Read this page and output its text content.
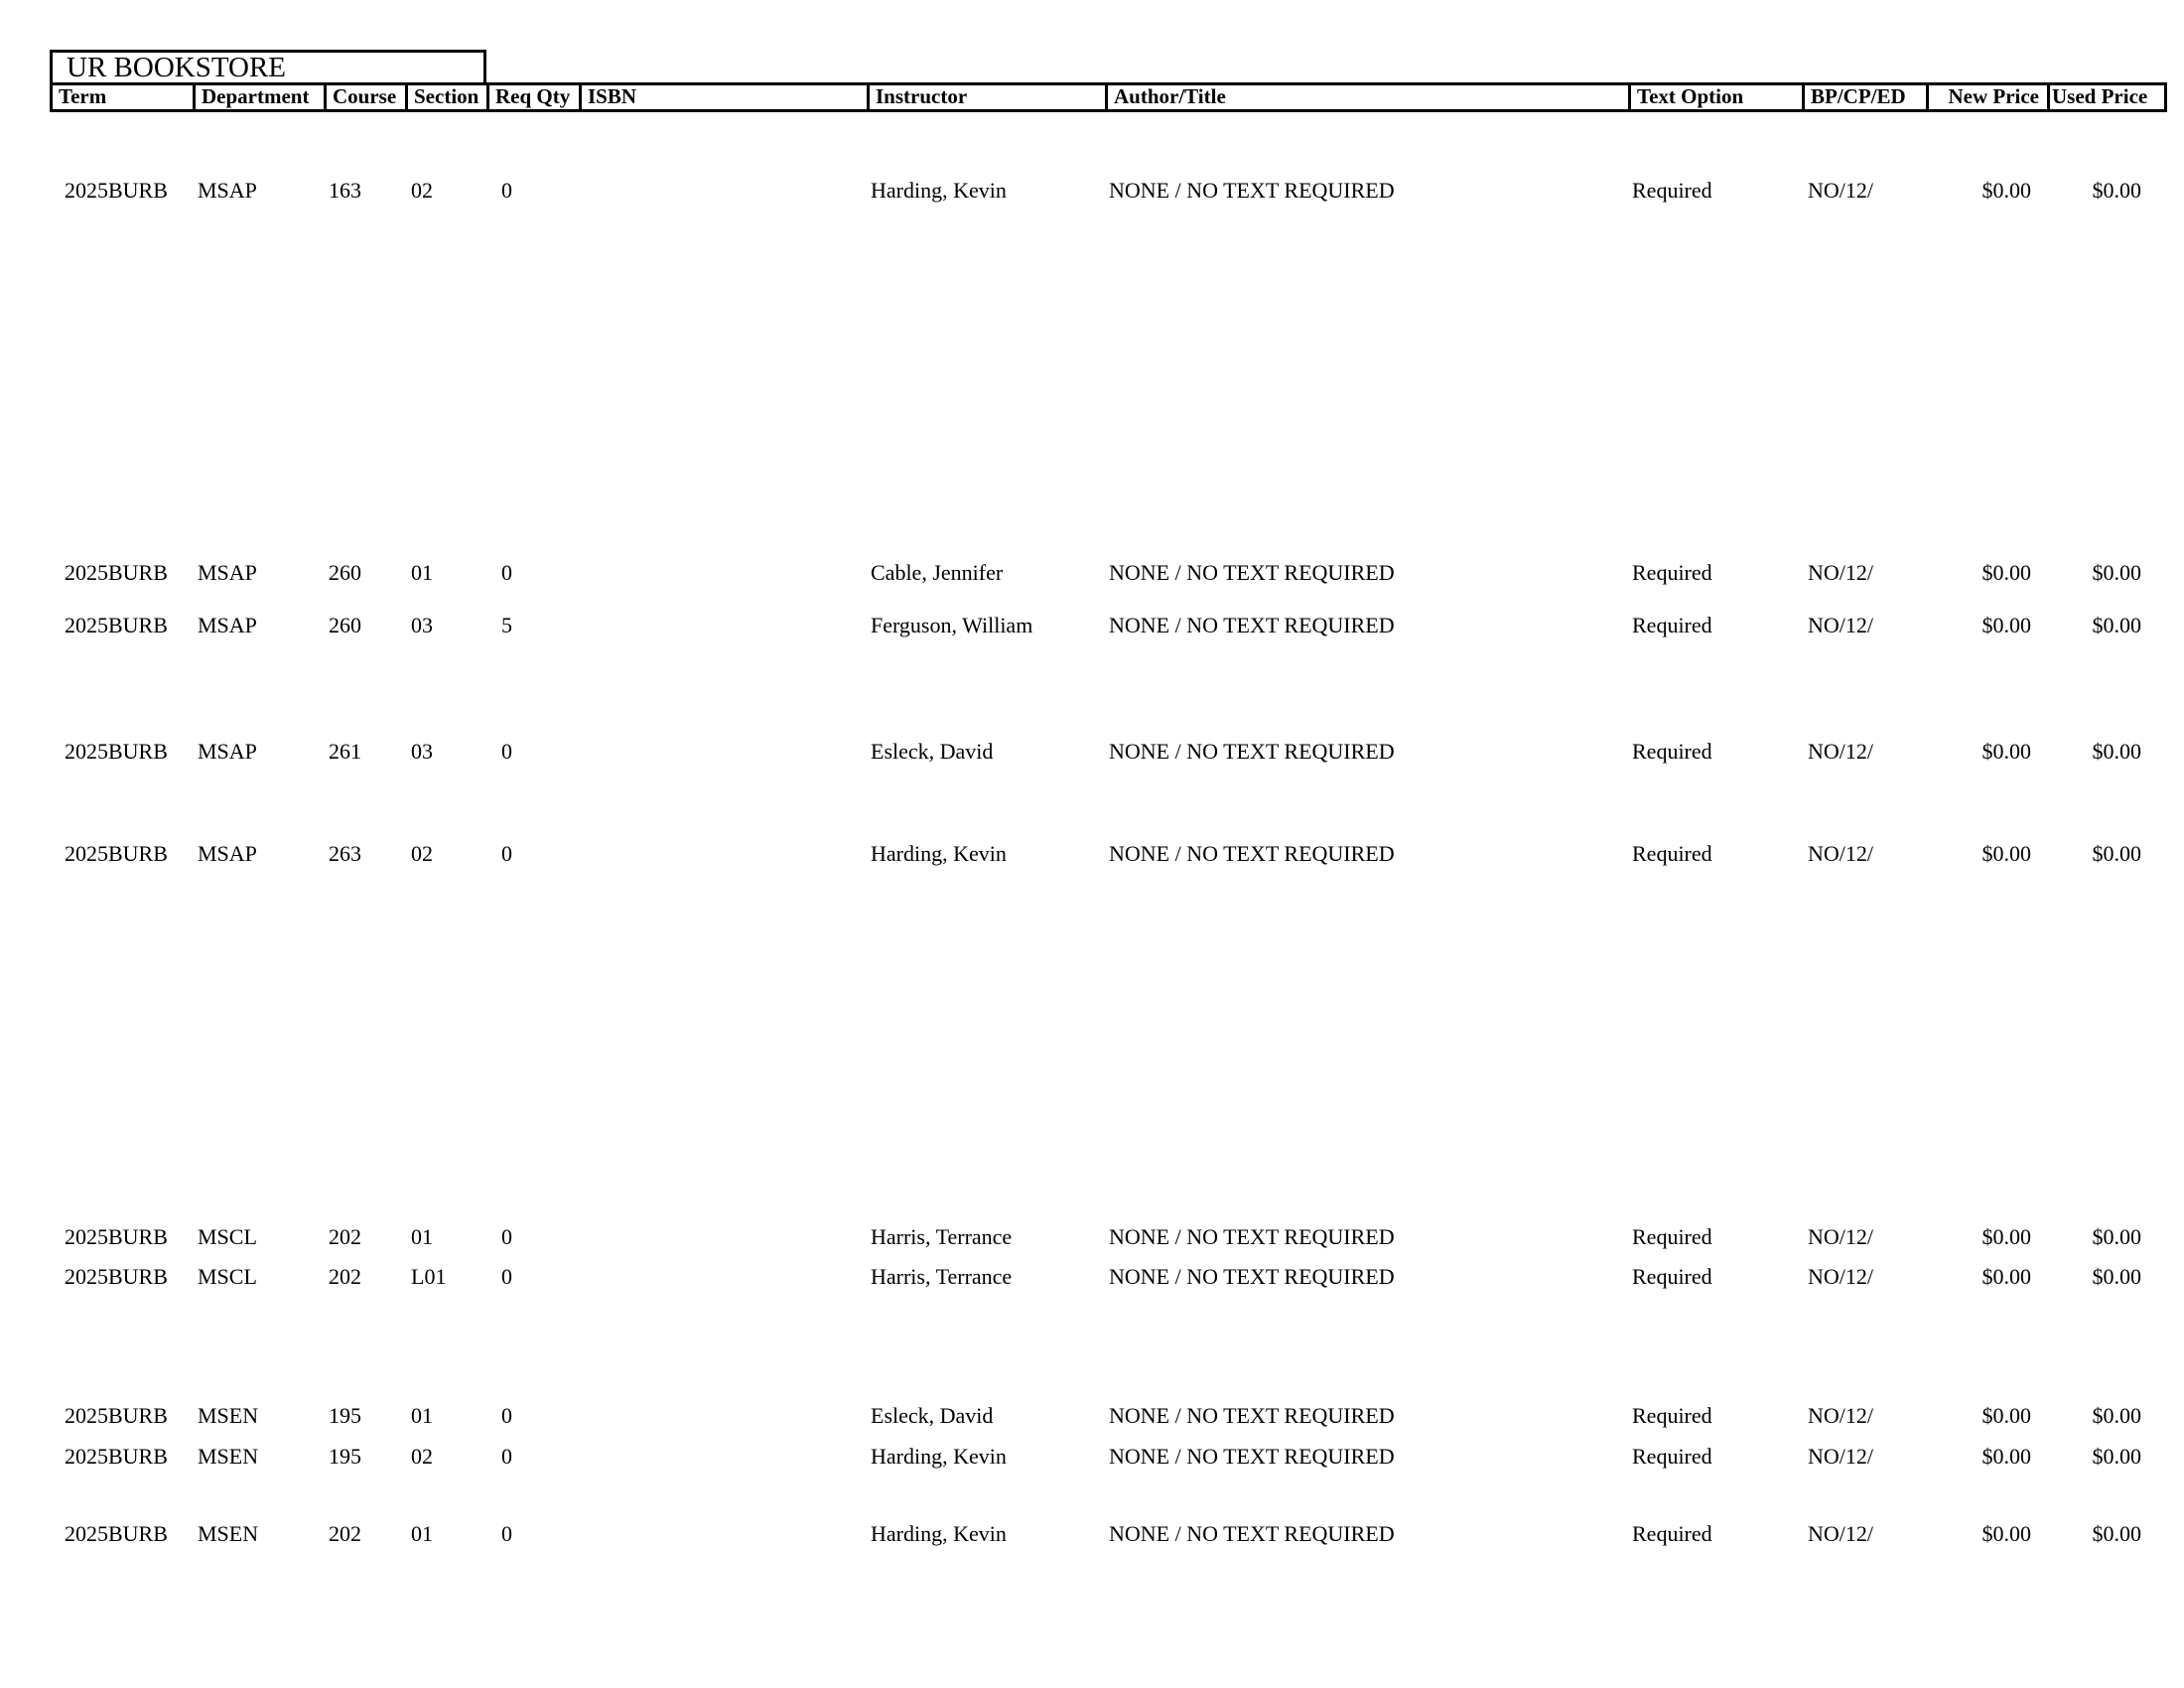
UR BOOKSTORE
Term	Department	Course Section Req Qty ISBN	Instructor	Author/Title	Text Option	BP/CP/ED	New Price Used Price
2025BURB MSAP	163 02	0	Harding, Kevin	NONE / NO TEXT REQUIRED	Required	NO/12/	$0.00	$0.00
2025BURB MSAP	260 01	0	Cable, Jennifer	NONE / NO TEXT REQUIRED	Required	NO/12/	$0.00	$0.00
2025BURB MSAP	260 03	5	Ferguson, William	NONE / NO TEXT REQUIRED	Required	NO/12/	$0.00	$0.00
2025BURB MSAP	261 03	0	Esleck, David	NONE / NO TEXT REQUIRED	Required	NO/12/	$0.00	$0.00
2025BURB MSAP	263 02	0	Harding, Kevin	NONE / NO TEXT REQUIRED	Required	NO/12/	$0.00	$0.00
2025BURB MSCL	202 01	0	Harris, Terrance	NONE / NO TEXT REQUIRED	Required	NO/12/	$0.00	$0.00
2025BURB MSCL	202 L01	0	Harris, Terrance	NONE / NO TEXT REQUIRED	Required	NO/12/	$0.00	$0.00
2025BURB MSEN	195 01	0	Esleck, David	NONE / NO TEXT REQUIRED	Required	NO/12/	$0.00	$0.00
2025BURB MSEN	195 02	0	Harding, Kevin	NONE / NO TEXT REQUIRED	Required	NO/12/	$0.00	$0.00
2025BURB MSEN	202 01	0	Harding, Kevin	NONE / NO TEXT REQUIRED	Required	NO/12/	$0.00	$0.00
